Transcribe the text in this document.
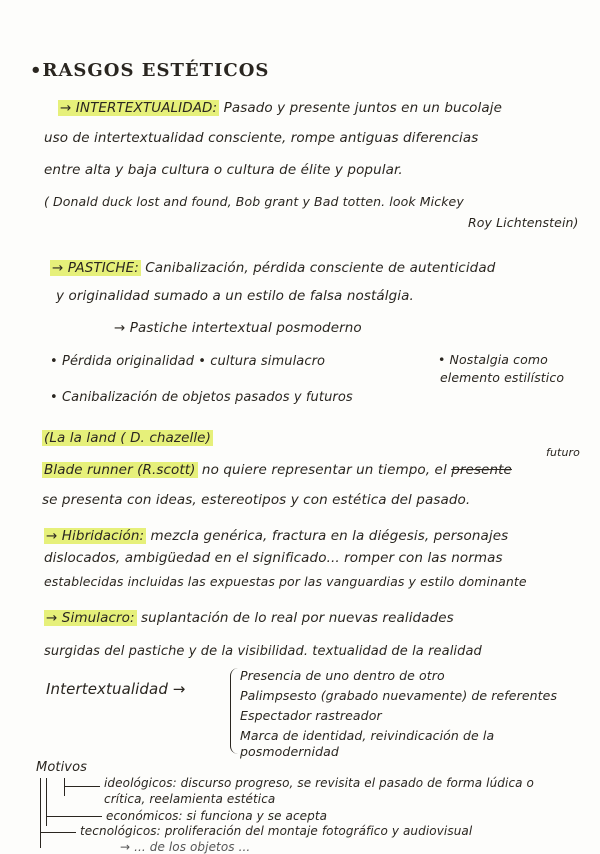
•RASGOS ESTÉTICOS
→ INTERTEXTUALIDAD: Pasado y presente juntos en un bucolaje
uso de intertextualidad consciente, rompe antiguas diferencias
entre alta y baja cultura o cultura de élite y popular.
( Donald duck lost and found, Bob grant y Bad totten. look Mickey
Roy Lichtenstein)
→ PASTICHE: Canibalización, pérdida consciente de autenticidad
y originalidad sumado a un estilo de falsa nostálgia.
→ Pastiche intertextual posmoderno
• Pérdida originalidad • cultura simulacro	• Nostalgia como
elemento estilístico
• Canibalización de objetos pasados y futuros
(La la land ( D. chazelle)
futuro
Blade runner (R.scott) no quiere representar un tiempo, el presente
se presenta con ideas, estereotipos y con estética del pasado.
→ Hibridación: mezcla genérica, fractura en la diégesis, personajes
dislocados, ambigüedad en el significado... romper con las normas
establecidas incluidas las expuestas por las vanguardias y estilo dominante
→ Simulacro: suplantación de lo real por nuevas realidades
surgidas del pastiche y de la visibilidad. textualidad de la realidad
Intertextualidad →
Presencia de uno dentro de otro
Palimpsesto (grabado nuevamente) de referentes
Espectador rastreador
Marca de identidad, reivindicación de la
posmodernidad
Motivos
ideológicos: discurso progreso, se revisita el pasado de forma lúdica o
crítica, reelamienta estética
económicos: si funciona y se acepta
tecnológicos: proliferación del montaje fotográfico y audiovisual
→ ... de los objetos ...
